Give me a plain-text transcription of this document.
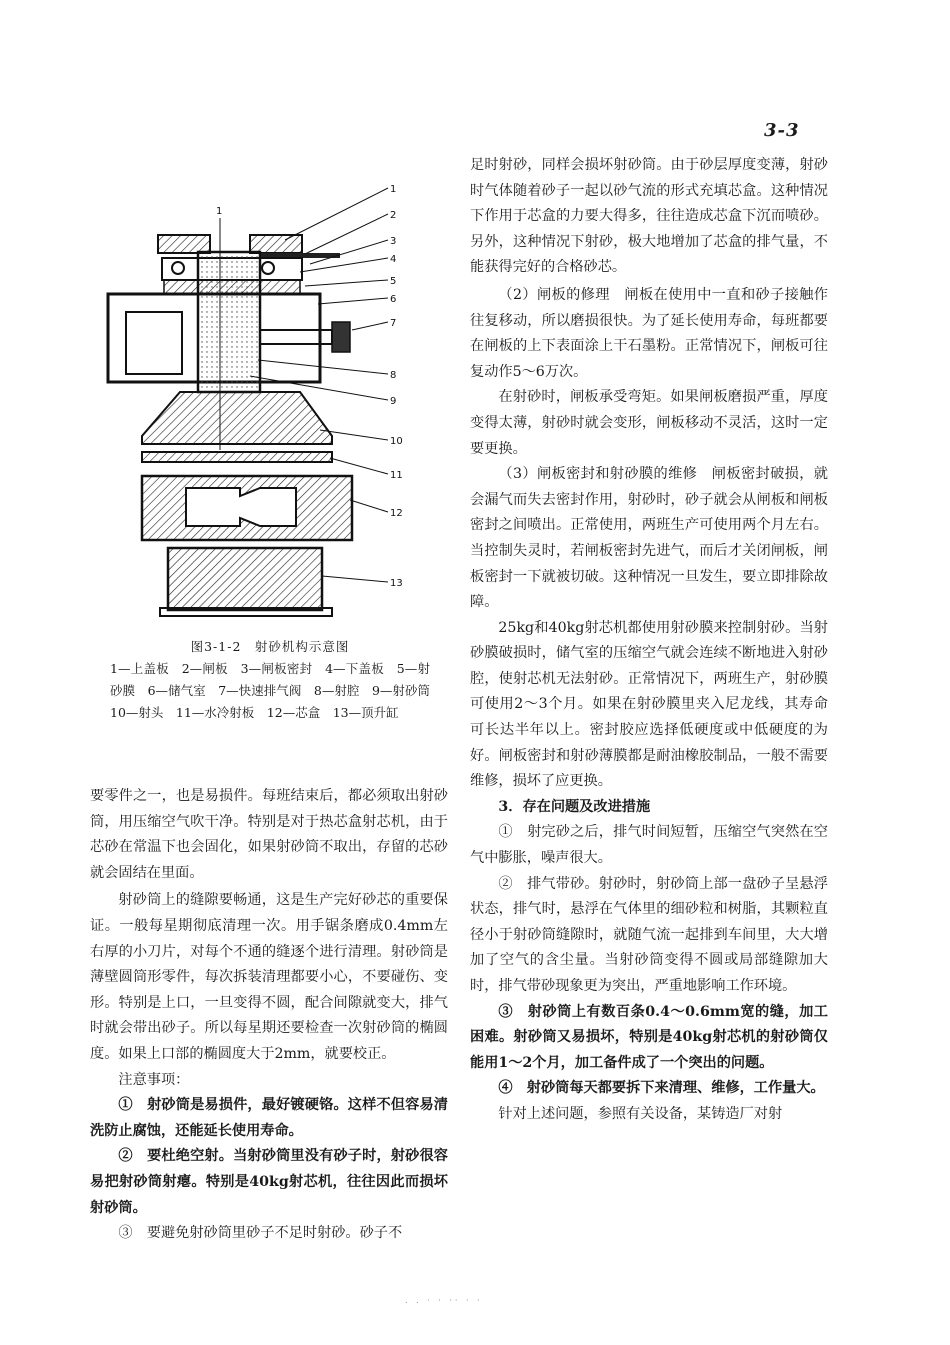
3-3
1
2
3
4
5
6
7
8
9
10
11
12
13
1
图3-1-2　射砂机构示意图
1—上盖板　2—闸板　3—闸板密封　4—下盖板　5—射砂膜　6—储气室　7—快速排气阀　8—射腔　9—射砂筒　10—射头　11—水冷射板　12—芯盒　13—顶升缸

要零件之一，也是易损件。每班结束后，都必须取出射砂筒，用压缩空气吹干净。特别是对于热芯盒射芯机，由于芯砂在常温下也会固化，如果射砂筒不取出，存留的芯砂就会固结在里面。

射砂筒上的缝隙要畅通，这是生产完好砂芯的重要保证。一般每星期彻底清理一次。用手锯条磨成0.4mm左右厚的小刀片，对每个不通的缝逐个进行清理。射砂筒是薄壁圆筒形零件，每次拆装清理都要小心，不要碰伤、变形。特别是上口，一旦变得不圆，配合间隙就变大，排气时就会带出砂子。所以每星期还要检查一次射砂筒的椭圆度。如果上口部的椭圆度大于2mm，就要校正。

注意事项：

①　射砂筒是易损件，最好镀硬铬。这样不但容易清洗防止腐蚀，还能延长使用寿命。

②　要杜绝空射。当射砂筒里没有砂子时，射砂很容易把射砂筒射瘪。特别是40kg射芯机，往往因此而损坏射砂筒。

③　要避免射砂筒里砂子不足时射砂。砂子不

足时射砂，同样会损坏射砂筒。由于砂层厚度变薄，射砂时气体随着砂子一起以砂气流的形式充填芯盒。这种情况下作用于芯盒的力要大得多，往往造成芯盒下沉而喷砂。另外，这种情况下射砂，极大地增加了芯盒的排气量，不能获得完好的合格砂芯。

（2）闸板的修理　闸板在使用中一直和砂子接触作往复移动，所以磨损很快。为了延长使用寿命，每班都要在闸板的上下表面涂上干石墨粉。正常情况下，闸板可往复动作5～6万次。

在射砂时，闸板承受弯矩。如果闸板磨损严重，厚度变得太薄，射砂时就会变形，闸板移动不灵活，这时一定要更换。

（3）闸板密封和射砂膜的维修　闸板密封破损，就会漏气而失去密封作用，射砂时，砂子就会从闸板和闸板密封之间喷出。正常使用，两班生产可使用两个月左右。当控制失灵时，若闸板密封先进气，而后才关闭闸板，闸板密封一下就被切破。这种情况一旦发生，要立即排除故障。

25kg和40kg射芯机都使用射砂膜来控制射砂。当射砂膜破损时，储气室的压缩空气就会连续不断地进入射砂腔，使射芯机无法射砂。正常情况下，两班生产，射砂膜可使用2～3个月。如果在射砂膜里夹入尼龙线，其寿命可长达半年以上。密封胶应选择低硬度或中低硬度的为好。闸板密封和射砂薄膜都是耐油橡胶制品，一般不需要维修，损坏了应更换。

3．存在问题及改进措施

①　射完砂之后，排气时间短暂，压缩空气突然在空气中膨胀，噪声很大。

②　排气带砂。射砂时，射砂筒上部一盘砂子呈悬浮状态，排气时，悬浮在气体里的细砂粒和树脂，其颗粒直径小于射砂筒缝隙时，就随气流一起排到车间里，大大增加了空气的含尘量。当射砂筒变得不圆或局部缝隙加大时，排气带砂现象更为突出，严重地影响工作环境。

③　射砂筒上有数百条0.4～0.6mm宽的缝，加工困难。射砂筒又易损坏，特别是40kg射芯机的射砂筒仅能用1～2个月，加工备件成了一个突出的问题。

④　射砂筒每天都要拆下来清理、维修，工作量大。

针对上述问题，参照有关设备，某铸造厂对射

. . · · ·· · ·
